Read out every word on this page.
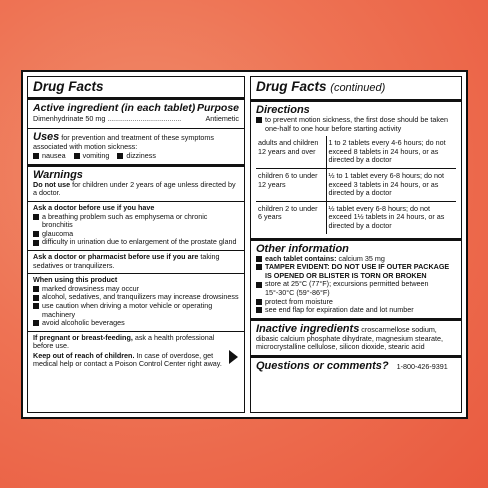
Drug Facts
Active ingredient (in each tablet) Purpose
Dimenhydrinate 50 mg ......................................	Antiemetic
Uses for prevention and treatment of these symptoms associated with motion sickness:
nausea vomiting dizziness
Warnings
Do not use for children under 2 years of age unless directed by a doctor.
Ask a doctor before use if you have
a breathing problem such as emphysema or chronic bronchitis
glaucoma
difficulty in urination due to enlargement of the prostate gland
Ask a doctor or pharmacist before use if you are taking sedatives or tranquilizers.
When using this product
marked drowsiness may occur
alcohol, sedatives, and tranquilizers may increase drowsiness
use caution when driving a motor vehicle or operating machinery
avoid alcoholic beverages
If pregnant or breast-feeding, ask a health professional before use.
Keep out of reach of children. In case of overdose, get medical help or contact a Poison Control Center right away.
Drug Facts (continued)
Directions
to prevent motion sickness, the first dose should be taken one-half to one hour before starting activity
adults and children 12 years and over	1 to 2 tablets every 4-6 hours; do not exceed 8 tablets in 24 hours, or as directed by a doctor
children 6 to under 12 years	½ to 1 tablet every 6-8 hours; do not exceed 3 tablets in 24 hours, or as directed by a doctor
children 2 to under 6 years	½ tablet every 6-8 hours; do not exceed 1½ tablets in 24 hours, or as directed by a doctor
Other information
each tablet contains: calcium 35 mg
TAMPER EVIDENT: DO NOT USE IF OUTER PACKAGE IS OPENED OR BLISTER IS TORN OR BROKEN
store at 25°C (77°F); excursions permitted between 15°-30°C (59°-86°F)
protect from moisture
see end flap for expiration date and lot number
Inactive ingredients croscarmellose sodium, dibasic calcium phosphate dihydrate, magnesium stearate, microcrystalline cellulose, silicon dioxide, stearic acid
Questions or comments? 1-800-426-9391
